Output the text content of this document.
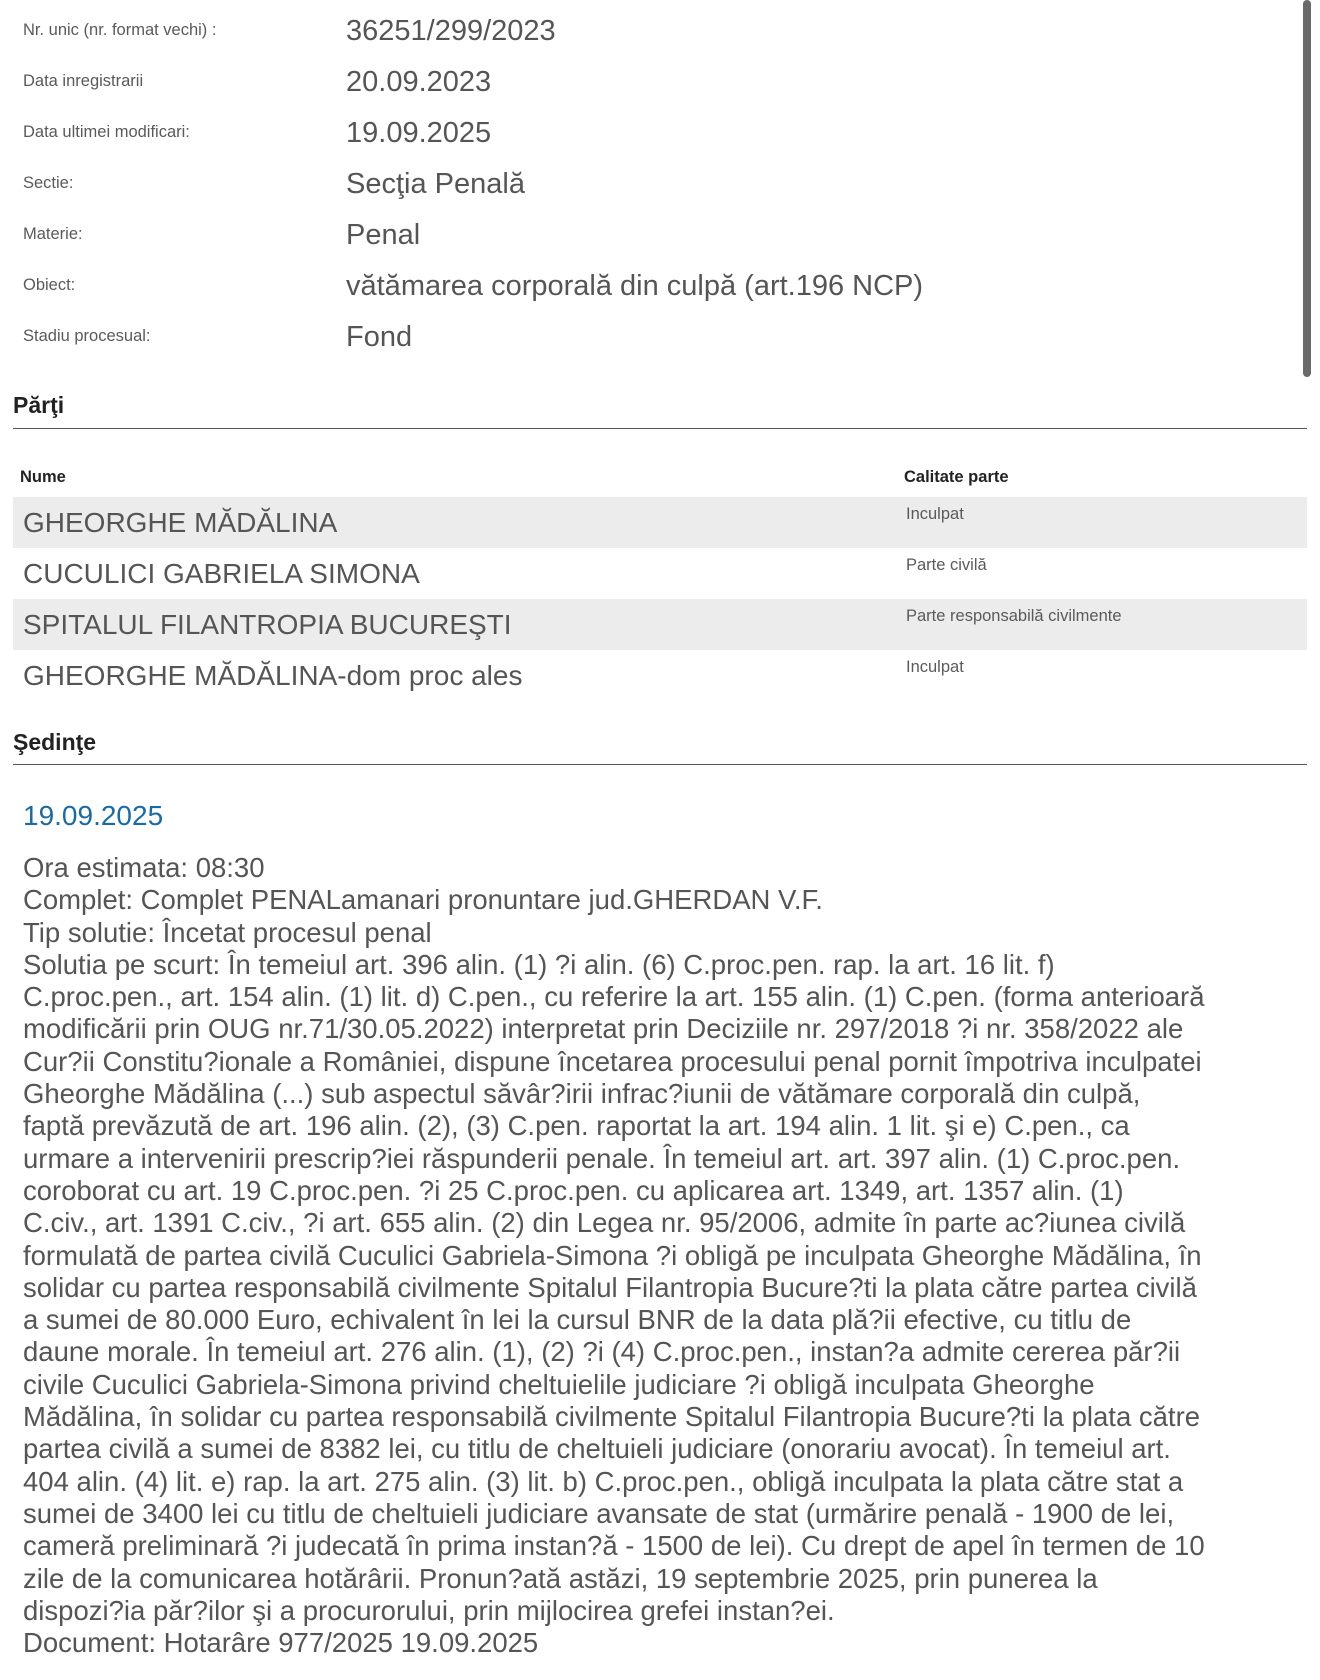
Nr. unic (nr. format vechi) :	36251/299/2023
Data inregistrarii	20.09.2023
Data ultimei modificari:	19.09.2025
Sectie:	Secţia Penală
Materie:	Penal
Obiect:	vătămarea corporală din culpă (art.196 NCP)
Stadiu procesual:	Fond
Părţi
Nume	Calitate parte
GHEORGHE MĂDĂLINA	Inculpat
CUCULICI GABRIELA SIMONA	Parte civilă
SPITALUL FILANTROPIA BUCUREŞTI	Parte responsabilă civilmente
GHEORGHE MĂDĂLINA-dom proc ales	Inculpat
Şedinţe
19.09.2025
Ora estimata: 08:30
Complet: Complet PENALamanari pronuntare jud.GHERDAN V.F.
Tip solutie: Încetat procesul penal
Solutia pe scurt: În temeiul art. 396 alin. (1) ?i alin. (6) C.proc.pen. rap. la art. 16 lit. f)
C.proc.pen., art. 154 alin. (1) lit. d) C.pen., cu referire la art. 155 alin. (1) C.pen. (forma anterioară
modificării prin OUG nr.71/30.05.2022) interpretat prin Deciziile nr. 297/2018 ?i nr. 358/2022 ale
Cur?ii Constitu?ionale a României, dispune încetarea procesului penal pornit împotriva inculpatei
Gheorghe Mădălina (...) sub aspectul săvâr?irii infrac?iunii de vătămare corporală din culpă,
faptă prevăzută de art. 196 alin. (2), (3) C.pen. raportat la art. 194 alin. 1 lit. şi e) C.pen., ca
urmare a intervenirii prescrip?iei răspunderii penale. În temeiul art. art. 397 alin. (1) C.proc.pen.
coroborat cu art. 19 C.proc.pen. ?i 25 C.proc.pen. cu aplicarea art. 1349, art. 1357 alin. (1)
C.civ., art. 1391 C.civ., ?i art. 655 alin. (2) din Legea nr. 95/2006, admite în parte ac?iunea civilă
formulată de partea civilă Cuculici Gabriela-Simona ?i obligă pe inculpata Gheorghe Mădălina, în
solidar cu partea responsabilă civilmente Spitalul Filantropia Bucure?ti la plata către partea civilă
a sumei de 80.000 Euro, echivalent în lei la cursul BNR de la data plă?ii efective, cu titlu de
daune morale. În temeiul art. 276 alin. (1), (2) ?i (4) C.proc.pen., instan?a admite cererea păr?ii
civile Cuculici Gabriela-Simona privind cheltuielile judiciare ?i obligă inculpata Gheorghe
Mădălina, în solidar cu partea responsabilă civilmente Spitalul Filantropia Bucure?ti la plata către
partea civilă a sumei de 8382 lei, cu titlu de cheltuieli judiciare (onorariu avocat). În temeiul art.
404 alin. (4) lit. e) rap. la art. 275 alin. (3) lit. b) C.proc.pen., obligă inculpata la plata către stat a
sumei de 3400 lei cu titlu de cheltuieli judiciare avansate de stat (urmărire penală - 1900 de lei,
cameră preliminară ?i judecată în prima instan?ă - 1500 de lei). Cu drept de apel în termen de 10
zile de la comunicarea hotărârii. Pronun?ată astăzi, 19 septembrie 2025, prin punerea la
dispozi?ia păr?ilor şi a procurorului, prin mijlocirea grefei instan?ei.
Document: Hotarâre 977/2025 19.09.2025
